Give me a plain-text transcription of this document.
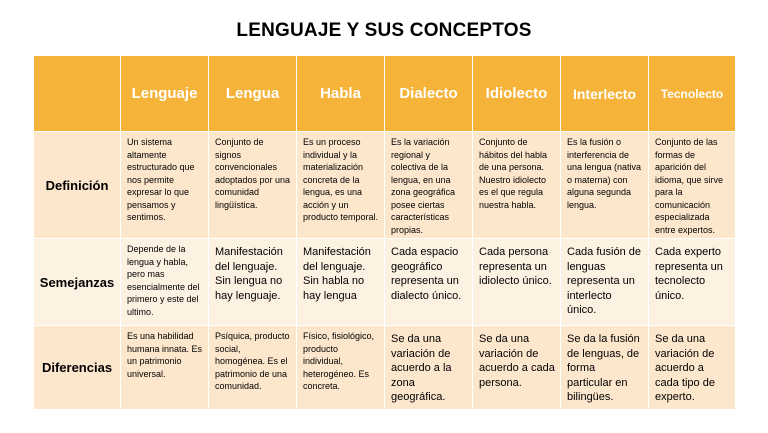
LENGUAJE Y SUS CONCEPTOS
	Lenguaje	Lengua	Habla	Dialecto	Idiolecto	Interlecto	Tecnolecto
Definición	Un sistema altamente estructurado que nos permite expresar lo que pensamos y sentimos.	Conjunto de signos convencionales adoptados por una comunidad lingüística.	Es un proceso individual y la materialización concreta de la lengua, es una acción y un producto temporal.	Es la variación regional y colectiva de la lengua, en una zona geográfica posee ciertas características propias.	Conjunto de hábitos del habla de una persona. Nuestro idiolecto es el que regula nuestra habla.	Es la fusión o interferencia de una lengua (nativa o materna) con alguna segunda lengua.	Conjunto de las formas de aparición del idioma, que sirve para la comunicación especializada entre expertos.

Semejanzas	Depende de la lengua y habla, pero mas esencialmente del primero y este del ultimo.	Manifestación del lenguaje. Sin lengua no hay lenguaje.	Manifestación del lenguaje. Sin habla no hay lengua	Cada espacio geográfico representa un dialecto único.	Cada persona representa un idiolecto único.	Cada fusión de lenguas representa un interlecto único.	Cada experto representa un tecnolecto único.

Diferencias	Es una habilidad humana innata. Es un patrimonio universal.	Psíquica, producto social, homogénea. Es el patrimonio de una comunidad.	Físico, fisiológico, producto individual, heterogéneo. Es concreta.	Se da una variación de acuerdo a la zona geográfica.	Se da una variación de acuerdo a cada persona.	Se da la fusión de lenguas, de forma particular en bilingües.	Se da una variación de acuerdo a cada tipo de experto.
